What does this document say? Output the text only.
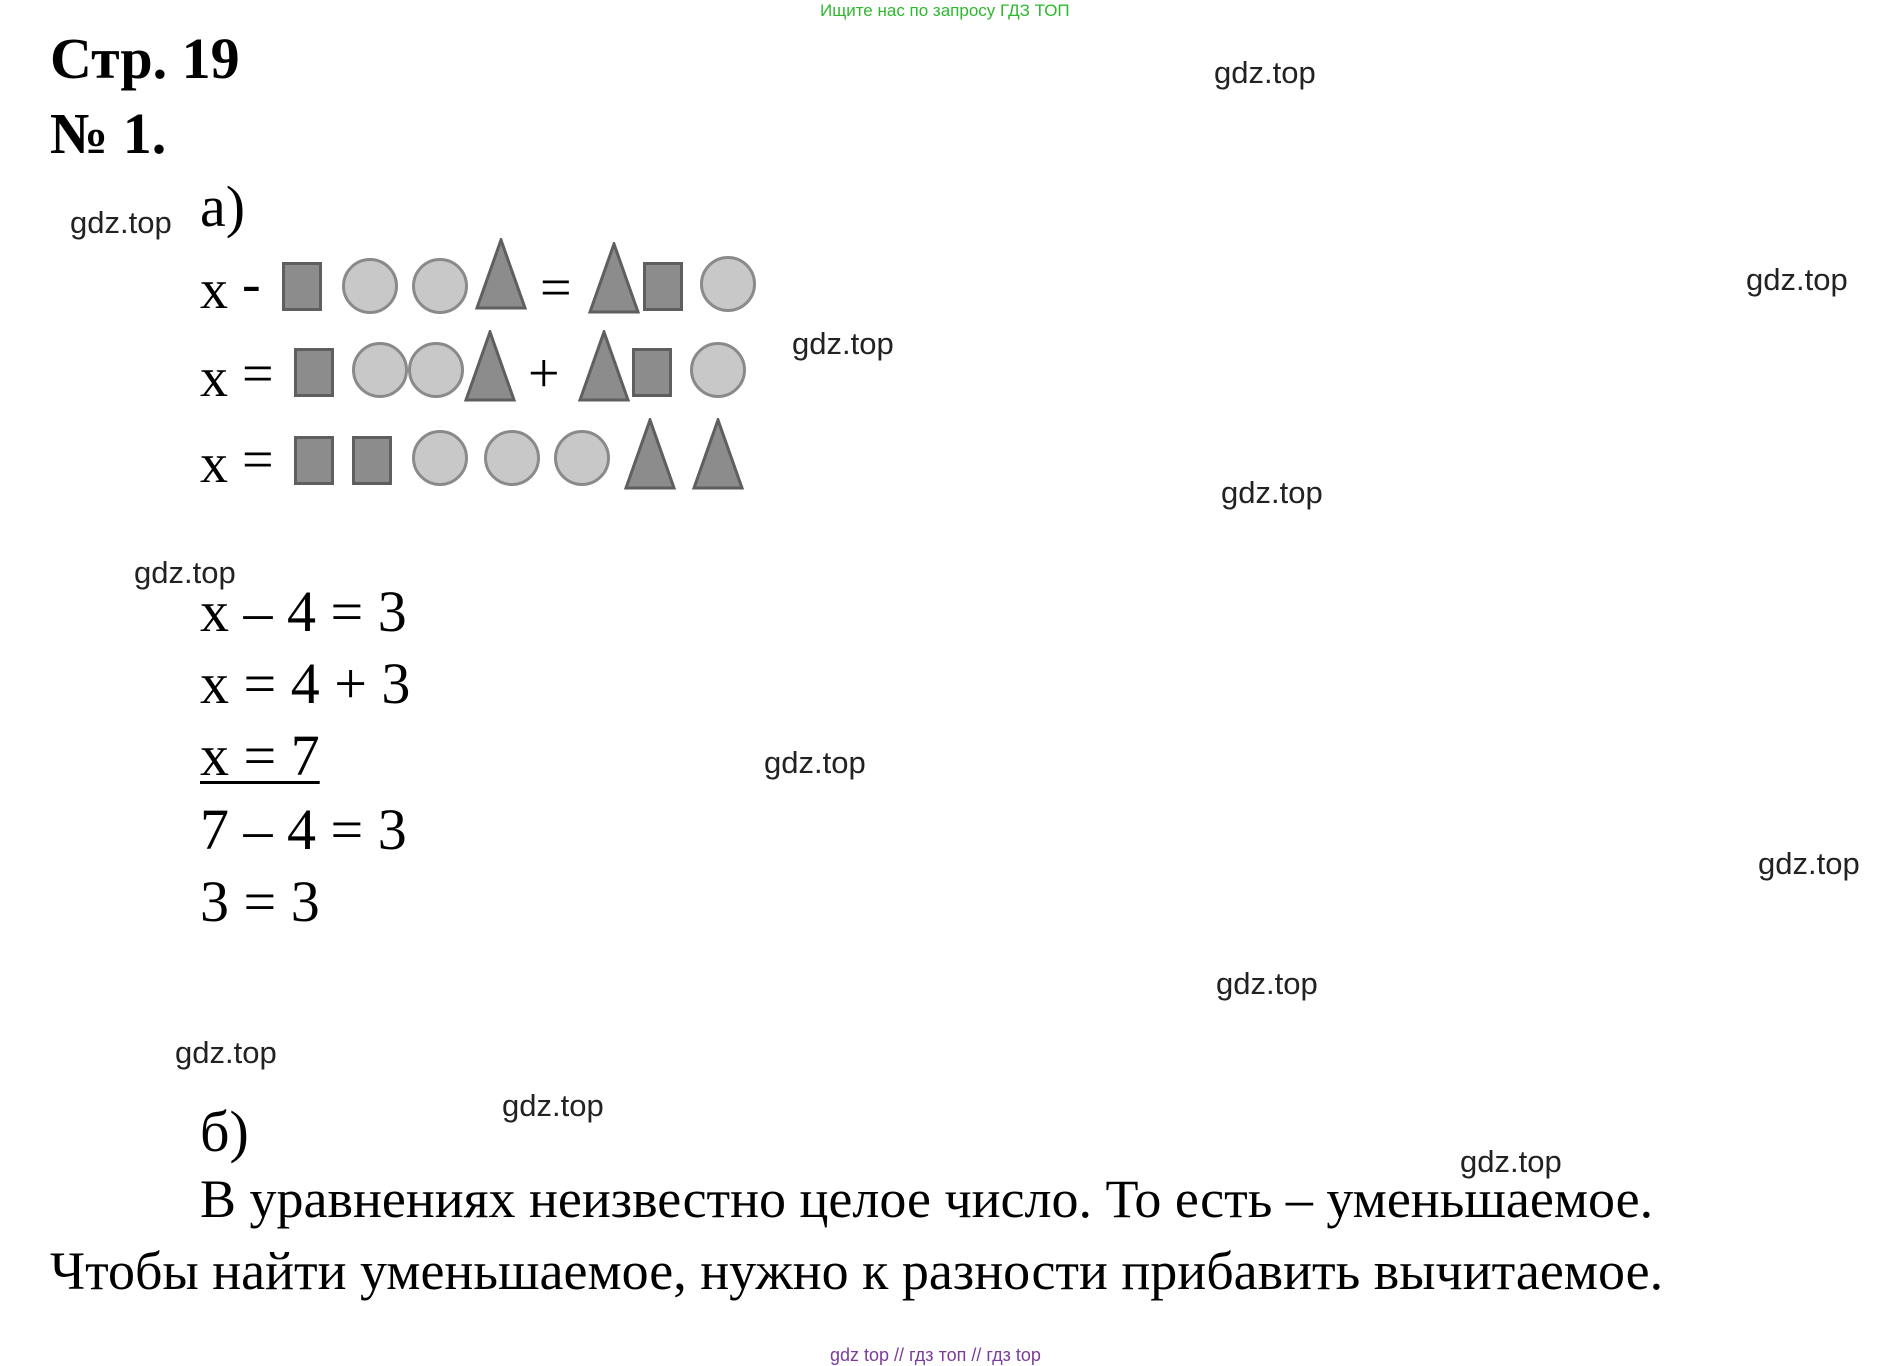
Ищите нас по запросу ГДЗ ТОП
Стр. 19
№ 1.
а)
x -	=
x =	+
x =
x – 4 = 3
x = 4 + 3
x = 7
7 – 4 = 3
3 = 3
б)
В уравнениях неизвестно целое число. То есть – уменьшаемое.
Чтобы найти уменьшаемое, нужно к разности прибавить вычитаемое.
gdz.top
gdz.top
gdz.top
gdz.top
gdz.top
gdz.top
gdz.top
gdz.top
gdz.top
gdz.top
gdz.top
gdz.top
gdz top // гдз топ // гдз top
